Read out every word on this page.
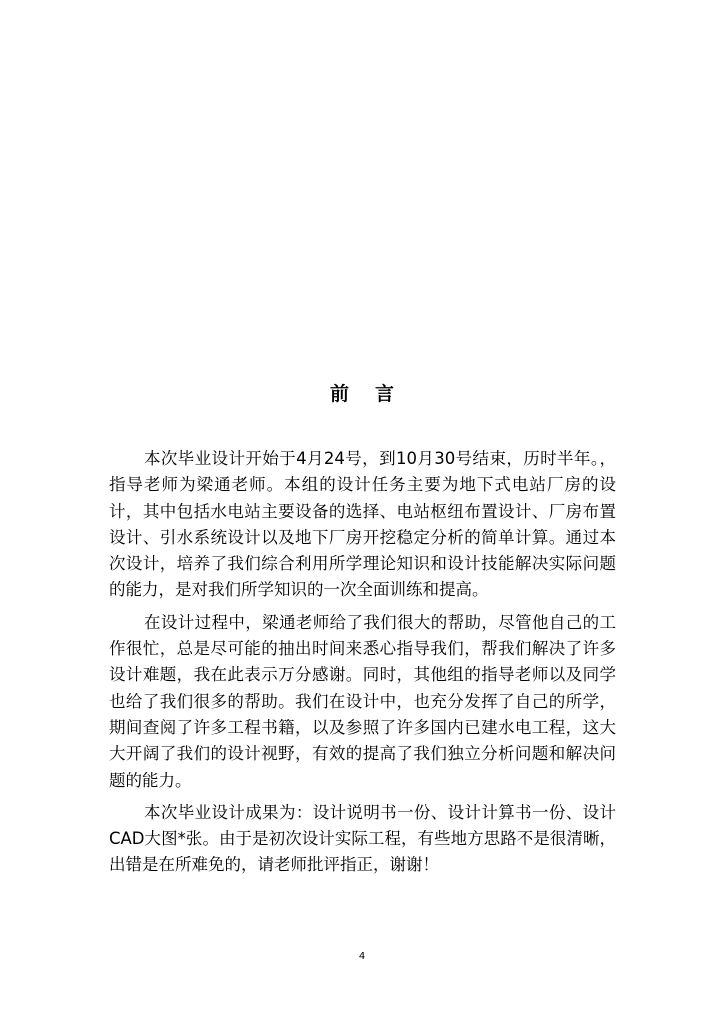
前言

本次毕业设计开始于4月24号，到10月30号结束，历时半年。，指导老师为梁通老师。本组的设计任务主要为地下式电站厂房的设计，其中包括水电站主要设备的选择、电站枢纽布置设计、厂房布置设计、引水系统设计以及地下厂房开挖稳定分析的简单计算。通过本次设计，培养了我们综合利用所学理论知识和设计技能解决实际问题的能力，是对我们所学知识的一次全面训练和提高。

在设计过程中，梁通老师给了我们很大的帮助，尽管他自己的工作很忙，总是尽可能的抽出时间来悉心指导我们，帮我们解决了许多设计难题，我在此表示万分感谢。同时，其他组的指导老师以及同学也给了我们很多的帮助。我们在设计中，也充分发挥了自己的所学，期间查阅了许多工程书籍，以及参照了许多国内已建水电工程，这大大开阔了我们的设计视野，有效的提高了我们独立分析问题和解决问题的能力。

本次毕业设计成果为：设计说明书一份、设计计算书一份、设计CAD大图*张。由于是初次设计实际工程，有些地方思路不是很清晰，出错是在所难免的，请老师批评指正，谢谢！

4
